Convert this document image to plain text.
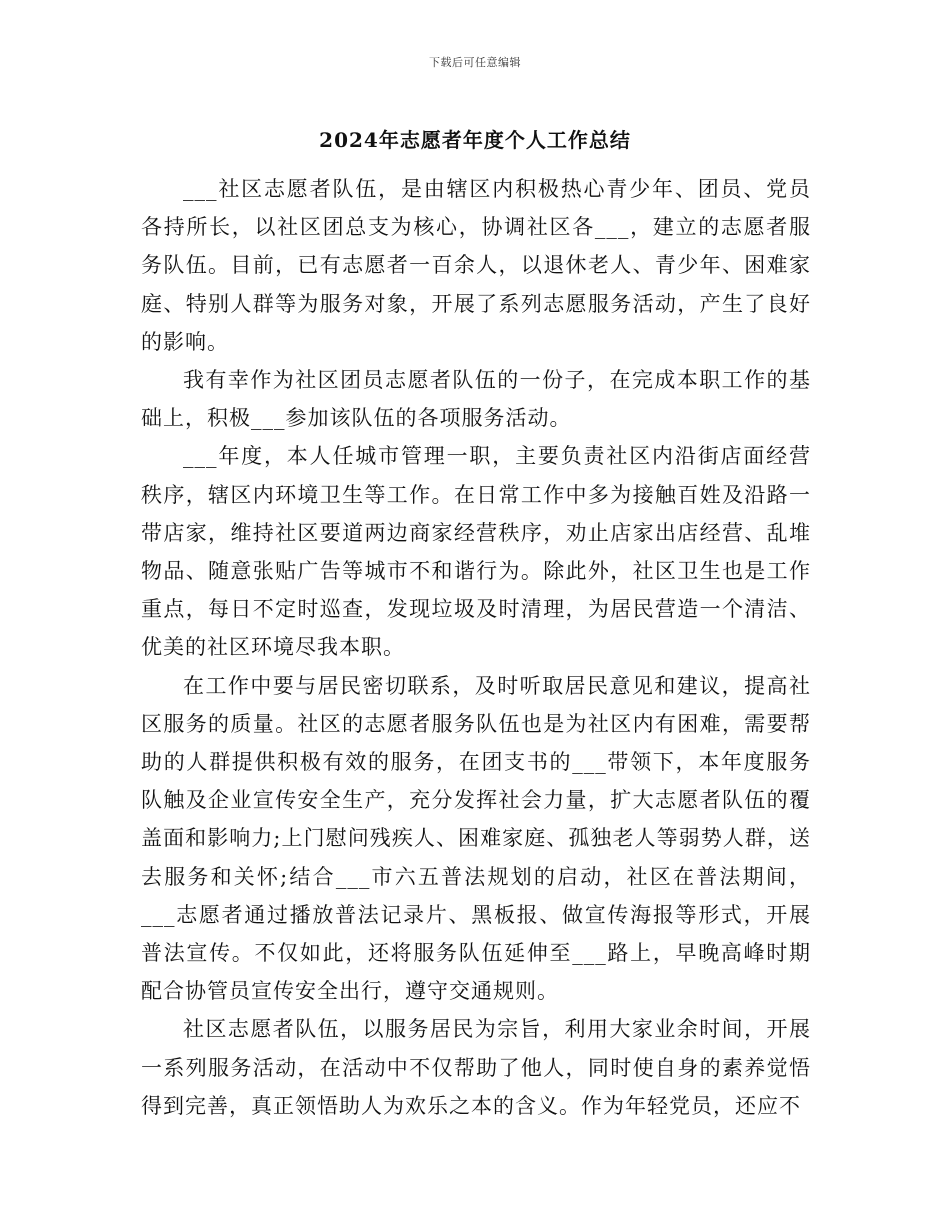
下载后可任意编辑
2024年志愿者年度个人工作总结

___社区志愿者队伍，是由辖区内积极热心青少年、团员、党员各持所长，以社区团总支为核心，协调社区各___，建立的志愿者服务队伍。目前，已有志愿者一百余人，以退休老人、青少年、困难家庭、特别人群等为服务对象，开展了系列志愿服务活动，产生了良好的影响。

我有幸作为社区团员志愿者队伍的一份子，在完成本职工作的基础上，积极___参加该队伍的各项服务活动。

___年度，本人任城市管理一职，主要负责社区内沿街店面经营秩序，辖区内环境卫生等工作。在日常工作中多为接触百姓及沿路一带店家，维持社区要道两边商家经营秩序，劝止店家出店经营、乱堆物品、随意张贴广告等城市不和谐行为。除此外，社区卫生也是工作重点，每日不定时巡查，发现垃圾及时清理，为居民营造一个清洁、优美的社区环境尽我本职。

在工作中要与居民密切联系，及时听取居民意见和建议，提高社区服务的质量。社区的志愿者服务队伍也是为社区内有困难，需要帮助的人群提供积极有效的服务，在团支书的___带领下，本年度服务队触及企业宣传安全生产，充分发挥社会力量，扩大志愿者队伍的覆盖面和影响力;上门慰问残疾人、困难家庭、孤独老人等弱势人群，送去服务和关怀;结合___市六五普法规划的启动，社区在普法期间，___志愿者通过播放普法记录片、黑板报、做宣传海报等形式，开展普法宣传。不仅如此，还将服务队伍延伸至___路上，早晚高峰时期配合协管员宣传安全出行，遵守交通规则。

社区志愿者队伍，以服务居民为宗旨，利用大家业余时间，开展一系列服务活动，在活动中不仅帮助了他人，同时使自身的素养觉悟得到完善，真正领悟助人为欢乐之本的含义。作为年轻党员，还应不
